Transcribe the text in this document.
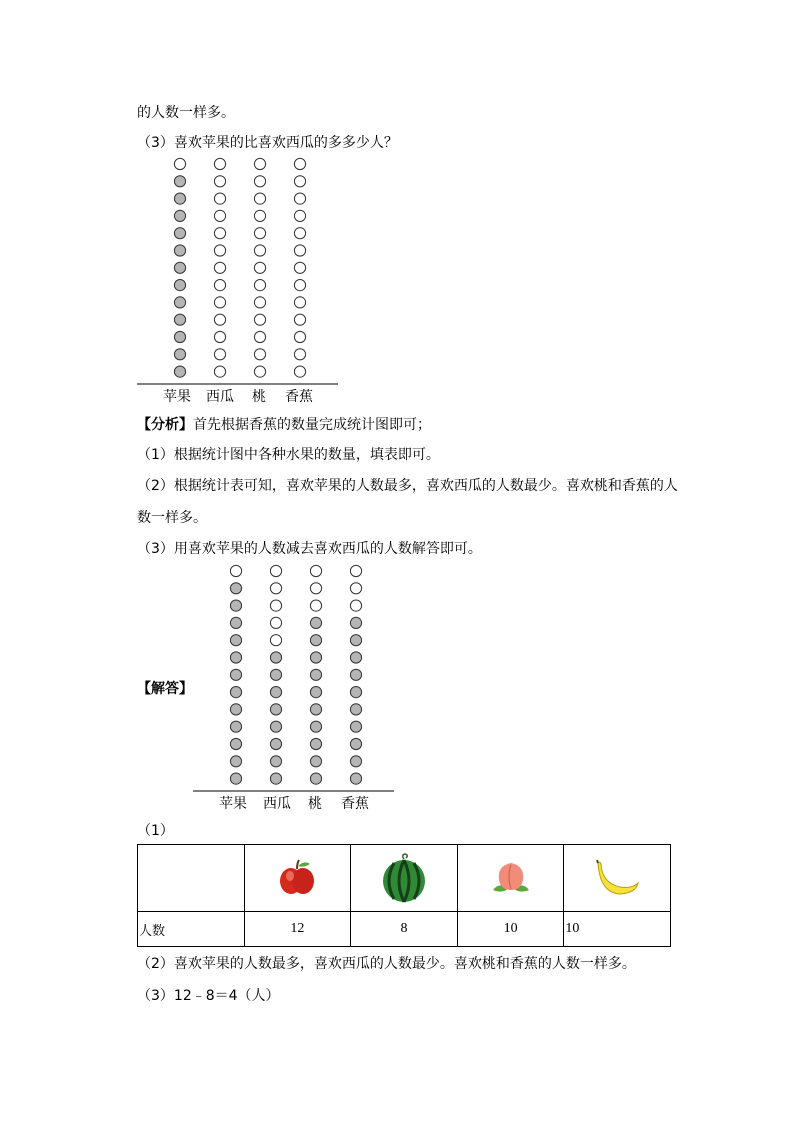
的人数一样多。
（3）喜欢苹果的比喜欢西瓜的多多少人？
苹果 西瓜 桃 香蕉
【分析】首先根据香蕉的数量完成统计图即可；
（1）根据统计图中各种水果的数量，填表即可。
（2）根据统计表可知，喜欢苹果的人数最多，喜欢西瓜的人数最少。喜欢桃和香蕉的人
数一样多。
（3）用喜欢苹果的人数减去喜欢西瓜的人数解答即可。
【解答】
苹果 西瓜 桃 香蕉
（1）

人数	12	8	10	10
（2）喜欢苹果的人数最多，喜欢西瓜的人数最少。喜欢桃和香蕉的人数一样多。
（3）12﹣8＝4（人）
